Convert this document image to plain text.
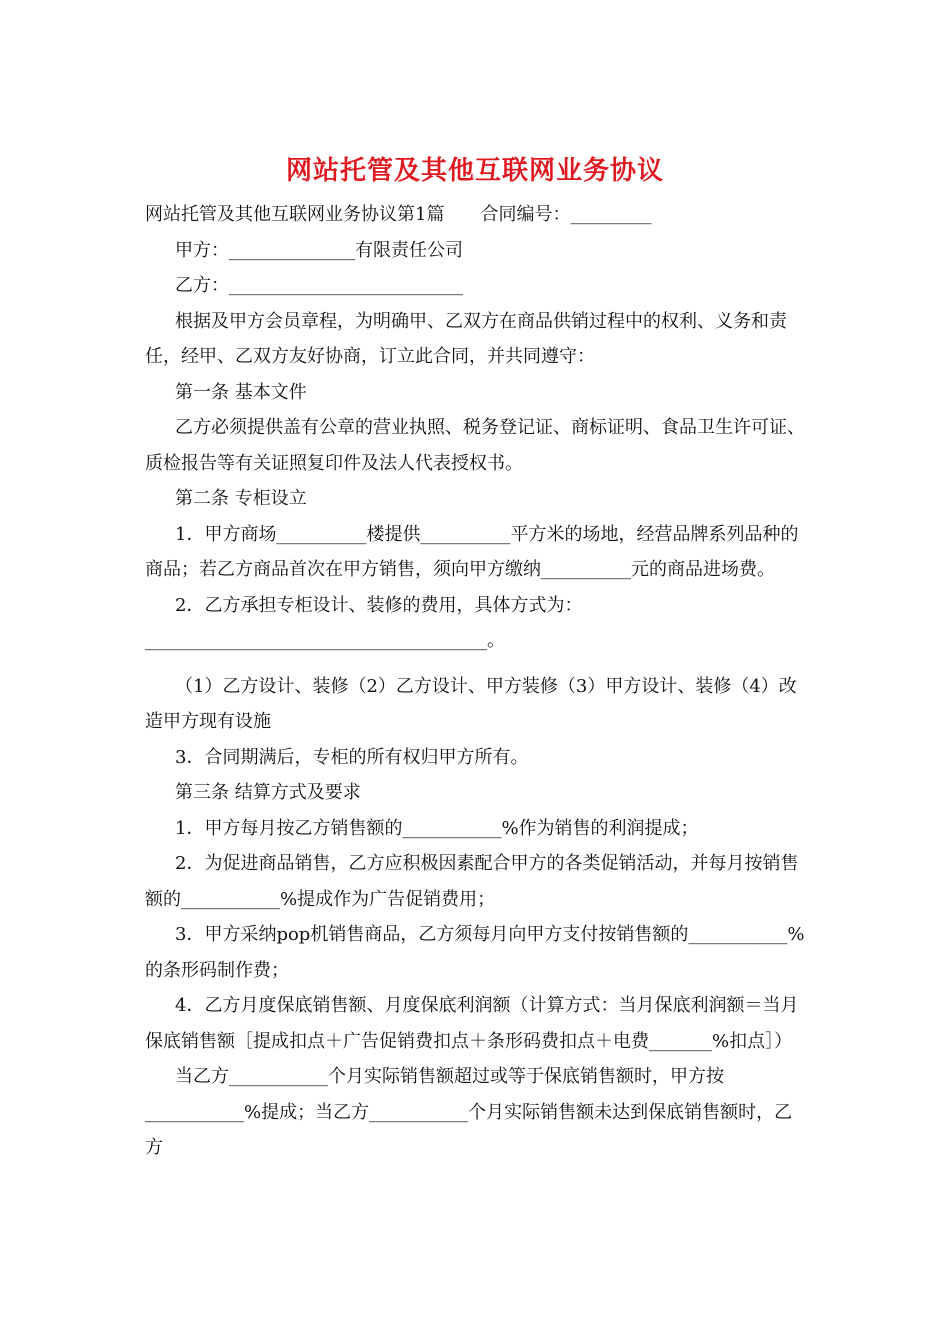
网站托管及其他互联网业务协议

网站托管及其他互联网业务协议第1篇　　合同编号：_________

甲方：______________有限责任公司

乙方：__________________________

根据及甲方会员章程，为明确甲、乙双方在商品供销过程中的权利、义务和责任，经甲、乙双方友好协商，订立此合同，并共同遵守：

第一条 基本文件

乙方必须提供盖有公章的营业执照、税务登记证、商标证明、食品卫生许可证、质检报告等有关证照复印件及法人代表授权书。

第二条 专柜设立

1．甲方商场__________楼提供__________平方米的场地，经营品牌系列品种的商品；若乙方商品首次在甲方销售，须向甲方缴纳__________元的商品进场费。

2．乙方承担专柜设计、装修的费用，具体方式为：______________________________________。

（1）乙方设计、装修（2）乙方设计、甲方装修（3）甲方设计、装修（4）改造甲方现有设施

3．合同期满后，专柜的所有权归甲方所有。

第三条 结算方式及要求

1．甲方每月按乙方销售额的___________%作为销售的利润提成；

2．为促进商品销售，乙方应积极因素配合甲方的各类促销活动，并每月按销售额的___________%提成作为广告促销费用；

3．甲方采纳pop机销售商品，乙方须每月向甲方支付按销售额的___________%的条形码制作费；

4．乙方月度保底销售额、月度保底利润额（计算方式：当月保底利润额＝当月保底销售额［提成扣点＋广告促销费扣点＋条形码费扣点＋电费_______%扣点］）

当乙方___________个月实际销售额超过或等于保底销售额时，甲方按___________%提成；当乙方___________个月实际销售额未达到保底销售额时，乙方
